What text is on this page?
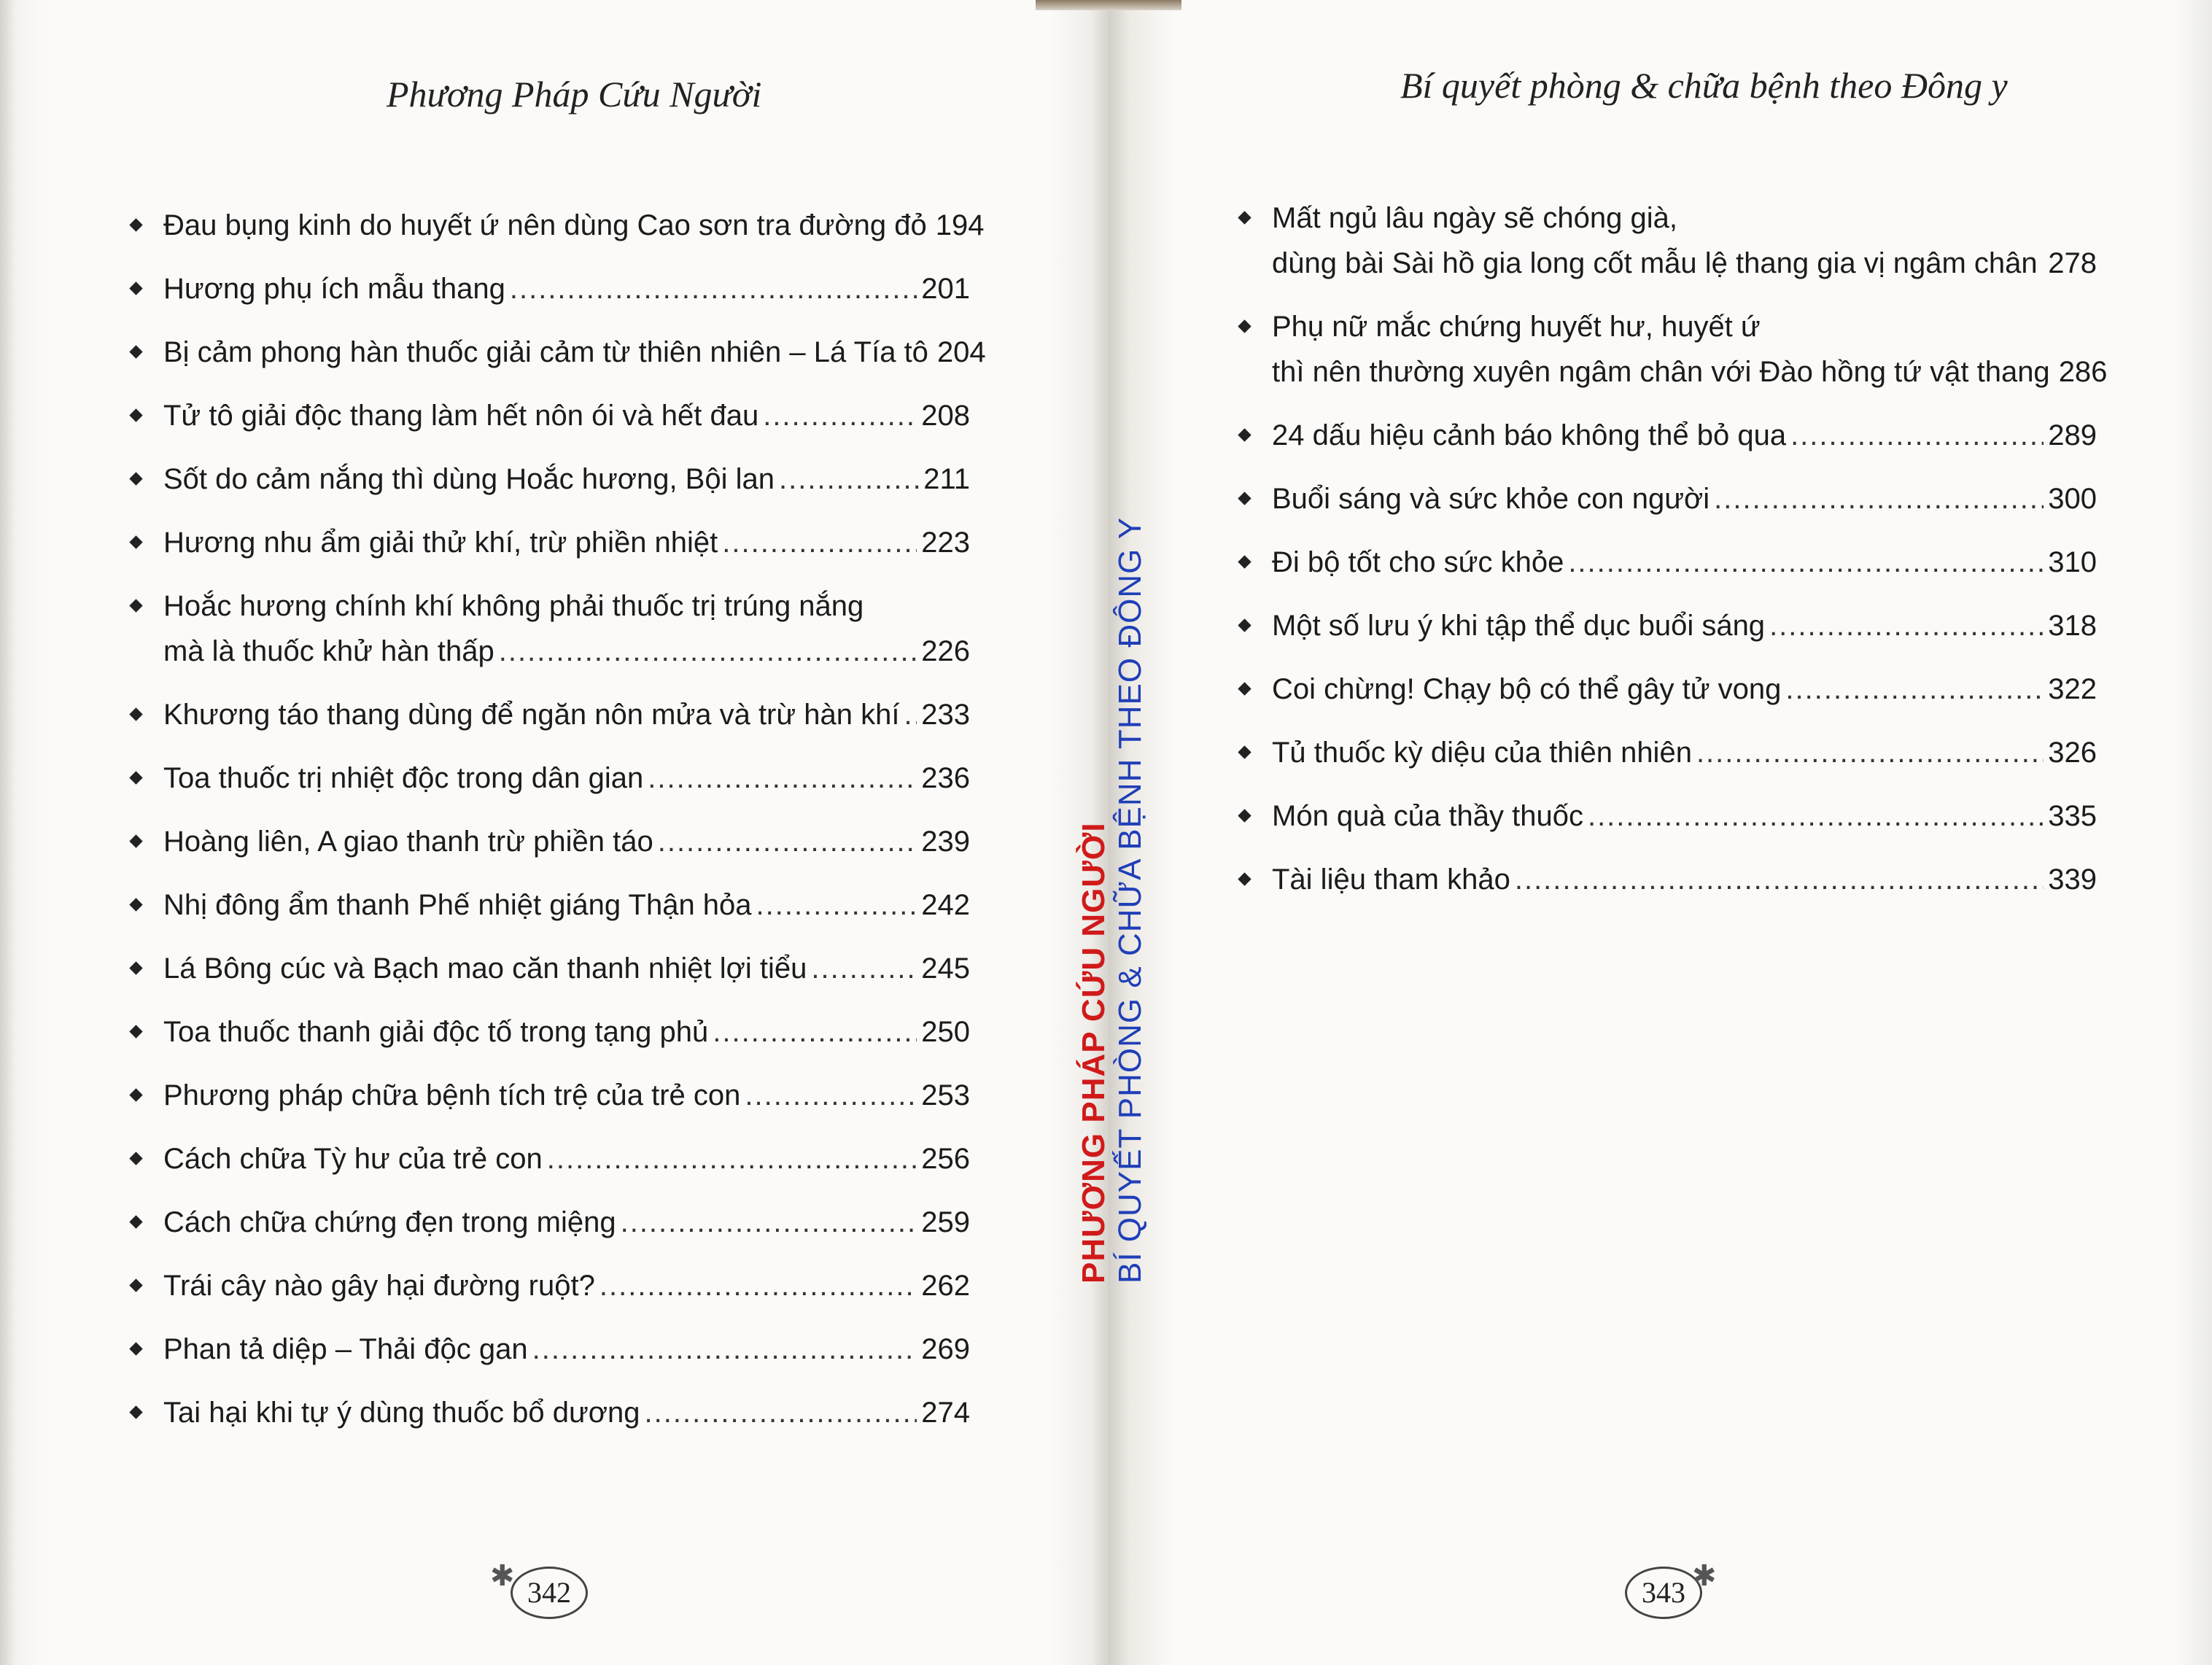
Phương Pháp Cứu Người
Đau bụng kinh do huyết ứ nên dùng Cao sơn tra đường đỏ 194
Hương phụ ích mẫu thang .....	201
Bị cảm phong hàn thuốc giải cảm từ thiên nhiên – Lá Tía tô 204
Tử tô giải độc thang làm hết nôn ói và hết đau .....	208
Sốt do cảm nắng thì dùng Hoắc hương, Bội lan .....	211
Hương nhu ẩm giải thử khí, trừ phiền nhiệt .....	223
Hoắc hương chính khí không phải thuốc trị trúng nắng
mà là thuốc khử hàn thấp .....	226
Khương táo thang dùng để ngăn nôn mửa và trừ hàn khí ..... 233
Toa thuốc trị nhiệt độc trong dân gian .....	236
Hoàng liên, A giao thanh trừ phiền táo .....	239
Nhị đông ẩm thanh Phế nhiệt giáng Thận hỏa .....	242
Lá Bông cúc và Bạch mao căn thanh nhiệt lợi tiểu .....	245
Toa thuốc thanh giải độc tố trong tạng phủ .....	250
Phương pháp chữa bệnh tích trệ của trẻ con .....	253
Cách chữa Tỳ hư của trẻ con .....	256
Cách chữa chứng đẹn trong miệng .....	259
Trái cây nào gây hại đường ruột? .....	262
Phan tả diệp – Thải độc gan .....	269
Tai hại khi tự ý dùng thuốc bổ dương .....	274
342
✱
Bí quyết phòng & chữa bệnh theo Đông y
Mất ngủ lâu ngày sẽ chóng già,
dùng bài Sài hồ gia long cốt mẫu lệ thang gia vị ngâm chân ..... 278
Phụ nữ mắc chứng huyết hư, huyết ứ
thì nên thường xuyên ngâm chân với Đào hồng tứ vật thang 286
24 dấu hiệu cảnh báo không thể bỏ qua .....	289
Buổi sáng và sức khỏe con người .....	300
Đi bộ tốt cho sức khỏe .....	310
Một số lưu ý khi tập thể dục buổi sáng .....	318
Coi chừng! Chạy bộ có thể gây tử vong .....	322
Tủ thuốc kỳ diệu của thiên nhiên .....	326
Món quà của thầy thuốc .....	335
Tài liệu tham khảo .....	339
343 ✱
PHƯƠNG PHÁP CỨU NGƯỜI BÍ QUYẾT PHÒNG & CHỮA BỆNH THEO ĐÔNG Y
